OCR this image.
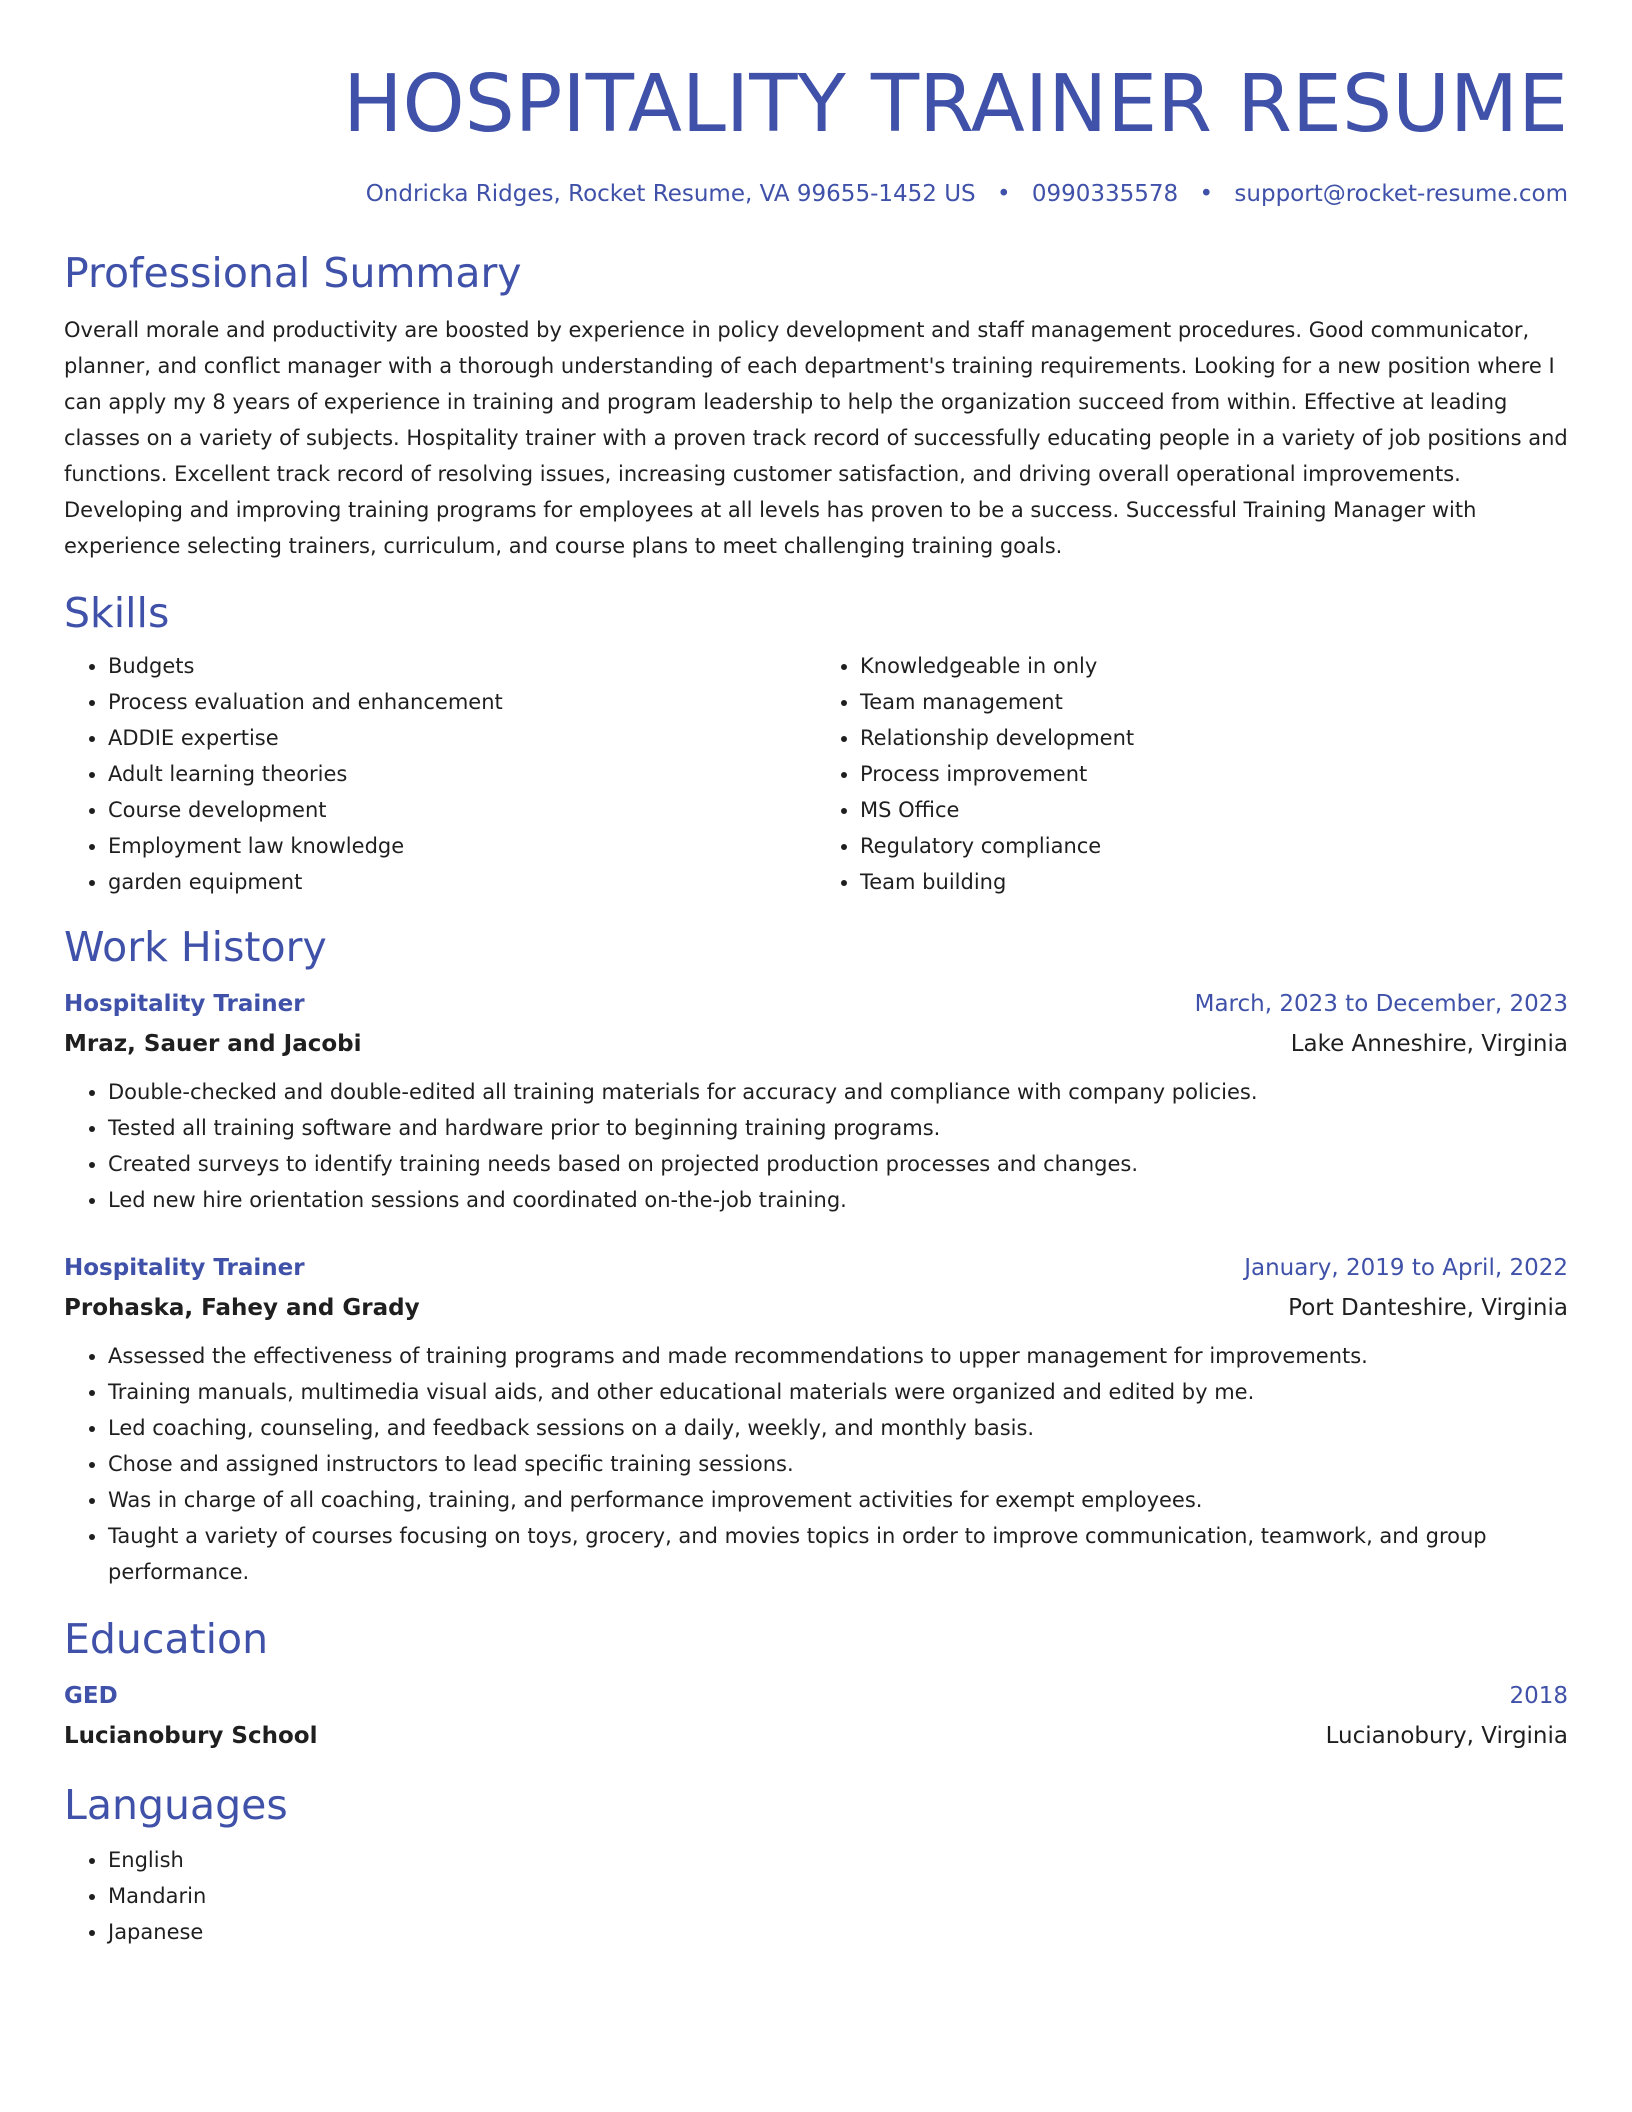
HOSPITALITY TRAINER RESUME
Ondricka Ridges, Rocket Resume, VA 99655-1452 US • 0990335578 • support@rocket-resume.com
Professional Summary
Overall morale and productivity are boosted by experience in policy development and staff management procedures. Good communicator, planner, and conflict manager with a thorough understanding of each department's training requirements. Looking for a new position where I can apply my 8 years of experience in training and program leadership to help the organization succeed from within. Effective at leading classes on a variety of subjects. Hospitality trainer with a proven track record of successfully educating people in a variety of job positions and functions. Excellent track record of resolving issues, increasing customer satisfaction, and driving overall operational improvements. Developing and improving training programs for employees at all levels has proven to be a success. Successful Training Manager with experience selecting trainers, curriculum, and course plans to meet challenging training goals.
Skills
• Budgets
• Process evaluation and enhancement
• ADDIE expertise
• Adult learning theories
• Course development
• Employment law knowledge
• garden equipment
• Knowledgeable in only
• Team management
• Relationship development
• Process improvement
• MS Office
• Regulatory compliance
• Team building
Work History
Hospitality Trainer	March, 2023 to December, 2023
Mraz, Sauer and Jacobi	Lake Anneshire, Virginia
• Double-checked and double-edited all training materials for accuracy and compliance with company policies.
• Tested all training software and hardware prior to beginning training programs.
• Created surveys to identify training needs based on projected production processes and changes.
• Led new hire orientation sessions and coordinated on-the-job training.
Hospitality Trainer	January, 2019 to April, 2022
Prohaska, Fahey and Grady	Port Danteshire, Virginia
• Assessed the effectiveness of training programs and made recommendations to upper management for improvements.
• Training manuals, multimedia visual aids, and other educational materials were organized and edited by me.
• Led coaching, counseling, and feedback sessions on a daily, weekly, and monthly basis.
• Chose and assigned instructors to lead specific training sessions.
• Was in charge of all coaching, training, and performance improvement activities for exempt employees.
• Taught a variety of courses focusing on toys, grocery, and movies topics in order to improve communication, teamwork, and group performance.
Education
GED	2018
Lucianobury School	Lucianobury, Virginia
Languages
• English
• Mandarin
• Japanese
